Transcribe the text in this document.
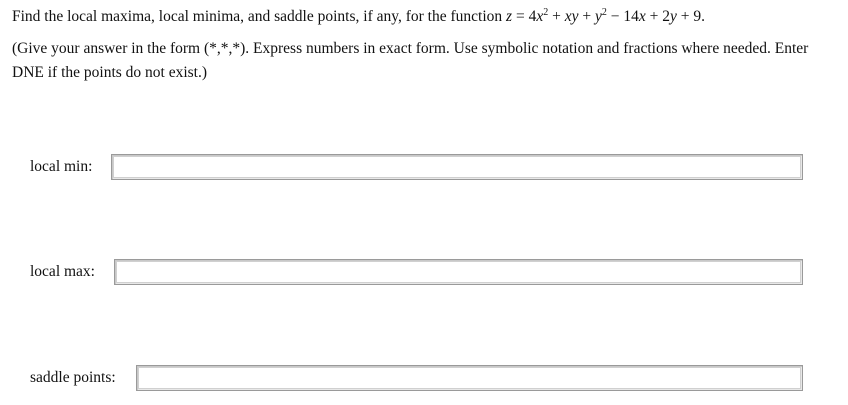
Find the local maxima, local minima, and saddle points, if any, for the function $z = 4x^2$ + xy + $y^2 - 14x + 2y + 9$.
(Give your answer in the form (*,*,*). Express numbers in exact form. Use symbolic notation and fractions where needed. Enter DNE if the points do not exist.)
local min:
local max:
saddle points:
